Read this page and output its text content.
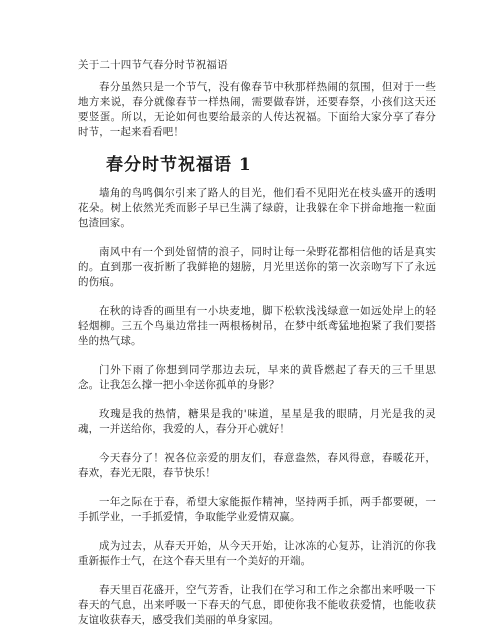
关于二十四节气春分时节祝福语

春分虽然只是一个节气，没有像春节中秋那样热闹的氛围，但对于一些地方来说，春分就像春节一样热闹，需要做春饼，还要春祭，小孩们这天还要竖蛋。所以，无论如何也要给最亲的人传达祝福。下面给大家分享了春分时节，一起来看看吧！

春分时节祝福语 1

墙角的鸟鸣偶尔引来了路人的目光，他们看不见阳光在枝头盛开的透明花朵。树上依然光秃而影子早已生满了绿蔚，让我躲在伞下拼命地拖一粒面包渣回家。

南风中有一个到处留情的浪子，同时让每一朵野花都相信他的话是真实的。直到那一夜折断了我鲜艳的翅膀，月光里送你的第一次亲吻写下了永远的伤痕。

在秋的诗香的画里有一小块麦地，脚下松软浅浅绿意一如远处岸上的轻轻烟柳。三五个鸟巢边常挂一两根杨树吊，在梦中纸鸢猛地抱紧了我们要搭坐的热气球。

门外下雨了你想到同学那边去玩，早来的黄昏燃起了春天的三千里思念。让我怎么撑一把小伞送你孤单的身影？

玫瑰是我的热情，糖果是我的'味道，星星是我的眼睛，月光是我的灵魂，一并送给你，我爱的人，春分开心就好！

今天春分了！祝各位亲爱的朋友们，春意盎然，春风得意，春暖花开，春欢，春光无限，春节快乐！

一年之际在于春，希望大家能振作精神，坚持两手抓，两手都要硬，一手抓学业，一手抓爱情，争取能学业爱情双赢。

成为过去，从春天开始，从今天开始，让冰冻的心复苏，让消沉的你我重新振作士气，在这个春天里有一个美好的开端。

春天里百花盛开，空气芳香，让我们在学习和工作之余都出来呼吸一下春天的气息，出来呼吸一下春天的气息，即使你我不能收获爱情，也能收获友谊收获春天，感受我们美丽的单身家园。
